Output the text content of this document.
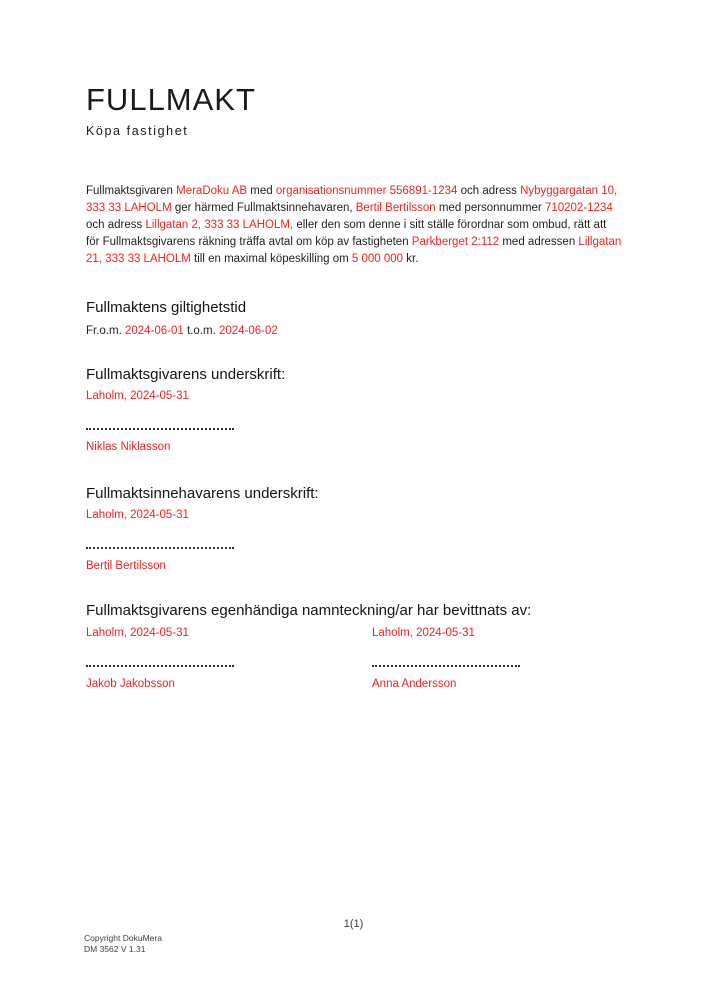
FULLMAKT
Köpa fastighet
Fullmaktsgivaren MeraDoku AB med organisationsnummer 556891-1234 och adress Nybyggargatan 10, 333 33 LAHOLM ger härmed Fullmaktsinnehavaren, Bertil Bertilsson med personnummer 710202-1234 och adress Lillgatan 2, 333 33 LAHOLM, eller den som denne i sitt ställe förordnar som ombud, rätt att för Fullmaktsgivarens räkning träffa avtal om köp av fastigheten Parkberget 2:112 med adressen Lillgatan 21, 333 33 LAHOLM till en maximal köpeskilling om 5 000 000 kr.
Fullmaktens giltighetstid
Fr.o.m. 2024-06-01 t.o.m. 2024-06-02
Fullmaktsgivarens underskrift:
Laholm, 2024-05-31
Niklas Niklasson
Fullmaktsinnehavarens underskrift:
Laholm, 2024-05-31
Bertil Bertilsson
Fullmaktsgivarens egenhändiga namnteckning/ar har bevittnats av:
Laholm, 2024-05-31
Jakob Jakobsson
Laholm, 2024-05-31
Anna Andersson
1(1)
Copyright DokuMera
DM 3562 V 1.31
